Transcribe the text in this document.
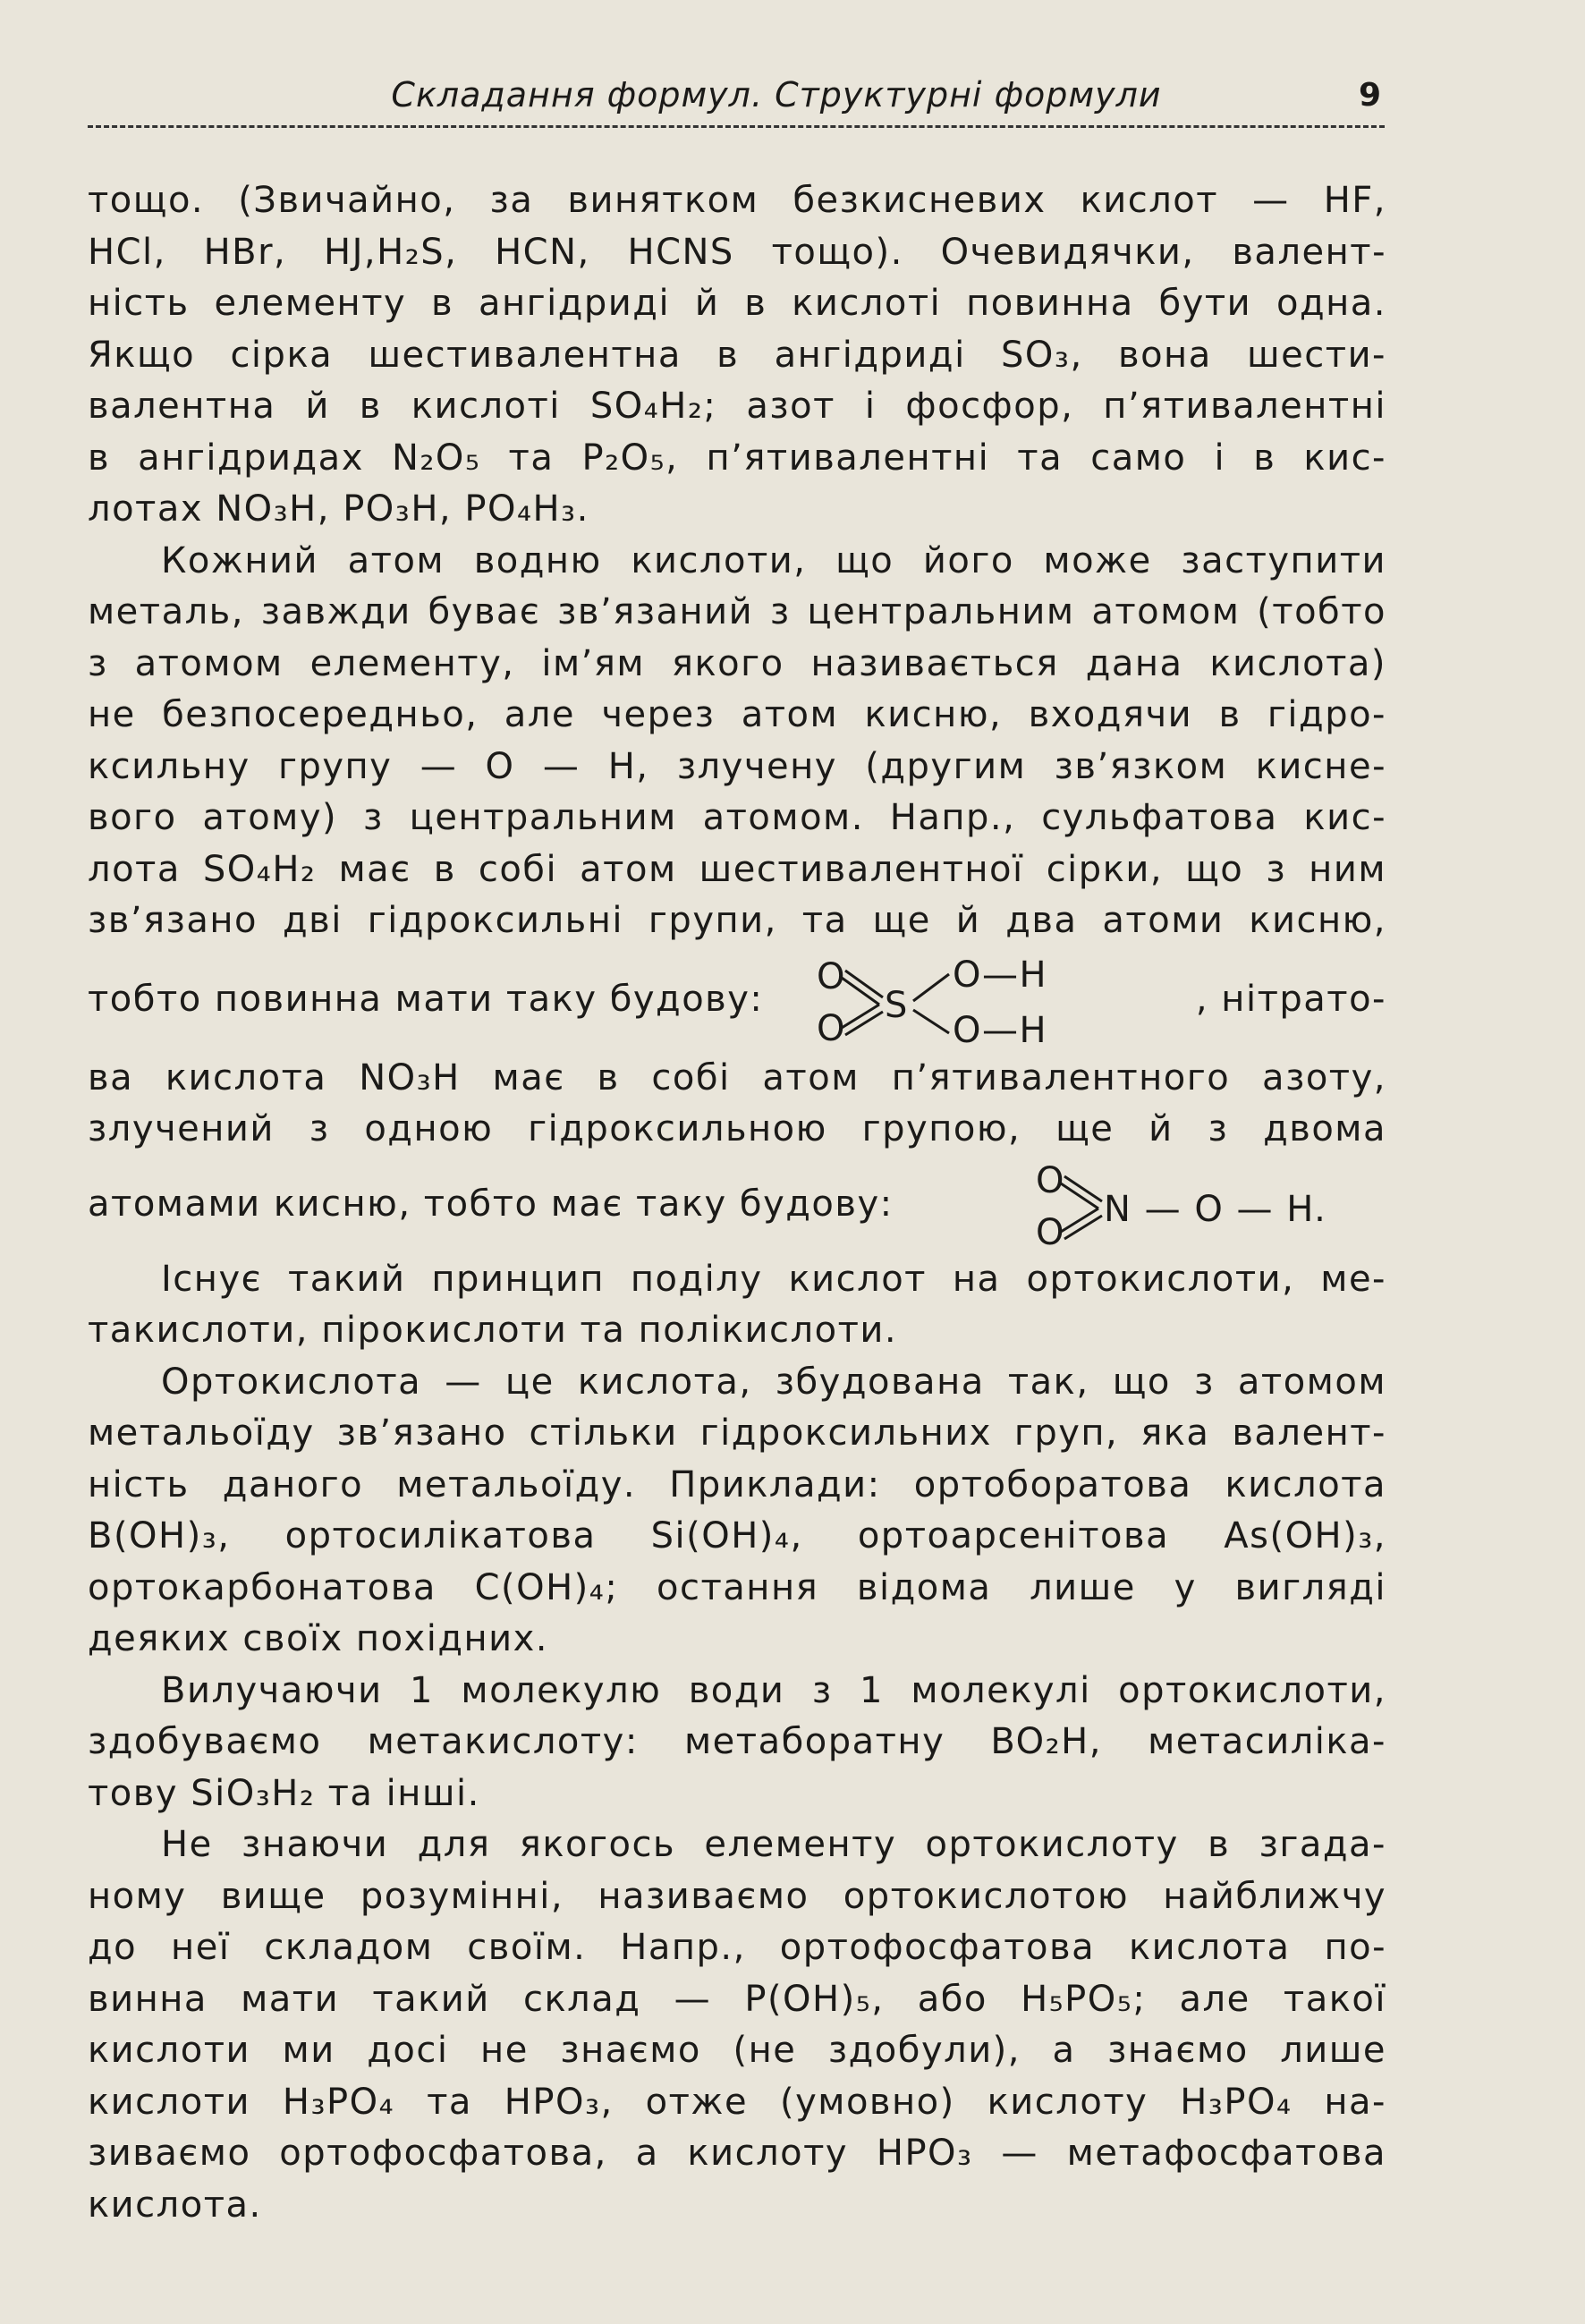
Складання формул. Структурні формули	9

тощо. (Звичайно, за винятком безкисневих кислот — HF,

HCl, HBr, HJ,H₂S, HCN, HCNS тощо). Очевидячки, валент-

ність елементу в ангідриді й в кислоті повинна бути одна.

Якщо сірка шестивалентна в ангідриді SO₃, вона шести-

валентна й в кислоті SO₄H₂; азот і фосфор, п’ятивалентні

в ангідридах N₂O₅ та P₂O₅, п’ятивалентні та само і в кис-

лотах NO₃H, PO₃H, PO₄H₃.

Кожний атом водню кислоти, що його може заступити

металь, завжди буває зв’язаний з центральним атомом (тобто

з атомом елементу, ім’ям якого називається дана кислота)

не безпосередньо, але через атом кисню, входячи в гідро-

ксильну групу — O — H, злучену (другим зв’язком кисне-

вого атому) з центральним атомом. Напр., сульфатова кис-

лота SO₄H₂ має в собі атом шестивалентної сірки, що з ним

зв’язано дві гідроксильні групи, та ще й два атоми кисню,

тобто повинна мати таку будову:
O
O
S
O—H
O—H
, нітрато-

ва кислота NO₃H має в собі атом п’ятивалентного азоту,

злучений з одною гідроксильною групою, ще й з двома

атомами кисню, тобто має таку будову:
O
O
N — O — H.

Існує такий принцип поділу кислот на ортокислоти, ме-

такислоти, пірокислоти та полікислоти.

Ортокислота — це кислота, збудована так, що з атомом

метальоїду зв’язано стільки гідроксильних груп, яка валент-

ність даного метальоїду. Приклади: ортоборатова кислота

B(OH)₃, ортосилікатова Si(OH)₄, ортоарсенітова As(OH)₃,

ортокарбонатова C(OH)₄; остання відома лише у вигляді

деяких своїх похідних.

Вилучаючи 1 молекулю води з 1 молекулі ортокислоти,

здобуваємо метакислоту: метаборатну BO₂H, метасиліка-

тову SiO₃H₂ та інші.

Не знаючи для якогось елементу ортокислоту в згада-

ному вище розумінні, називаємо ортокислотою найближчу

до неї складом своїм. Напр., ортофосфатова кислота по-

винна мати такий склад — P(OH)₅, або H₅PO₅; але такої

кислоти ми досі не знаємо (не здобули), а знаємо лише

кислоти H₃PO₄ та HPO₃, отже (умовно) кислоту H₃PO₄ на-

зиваємо ортофосфатова, а кислоту HPO₃ — метафосфатова

кислота.
